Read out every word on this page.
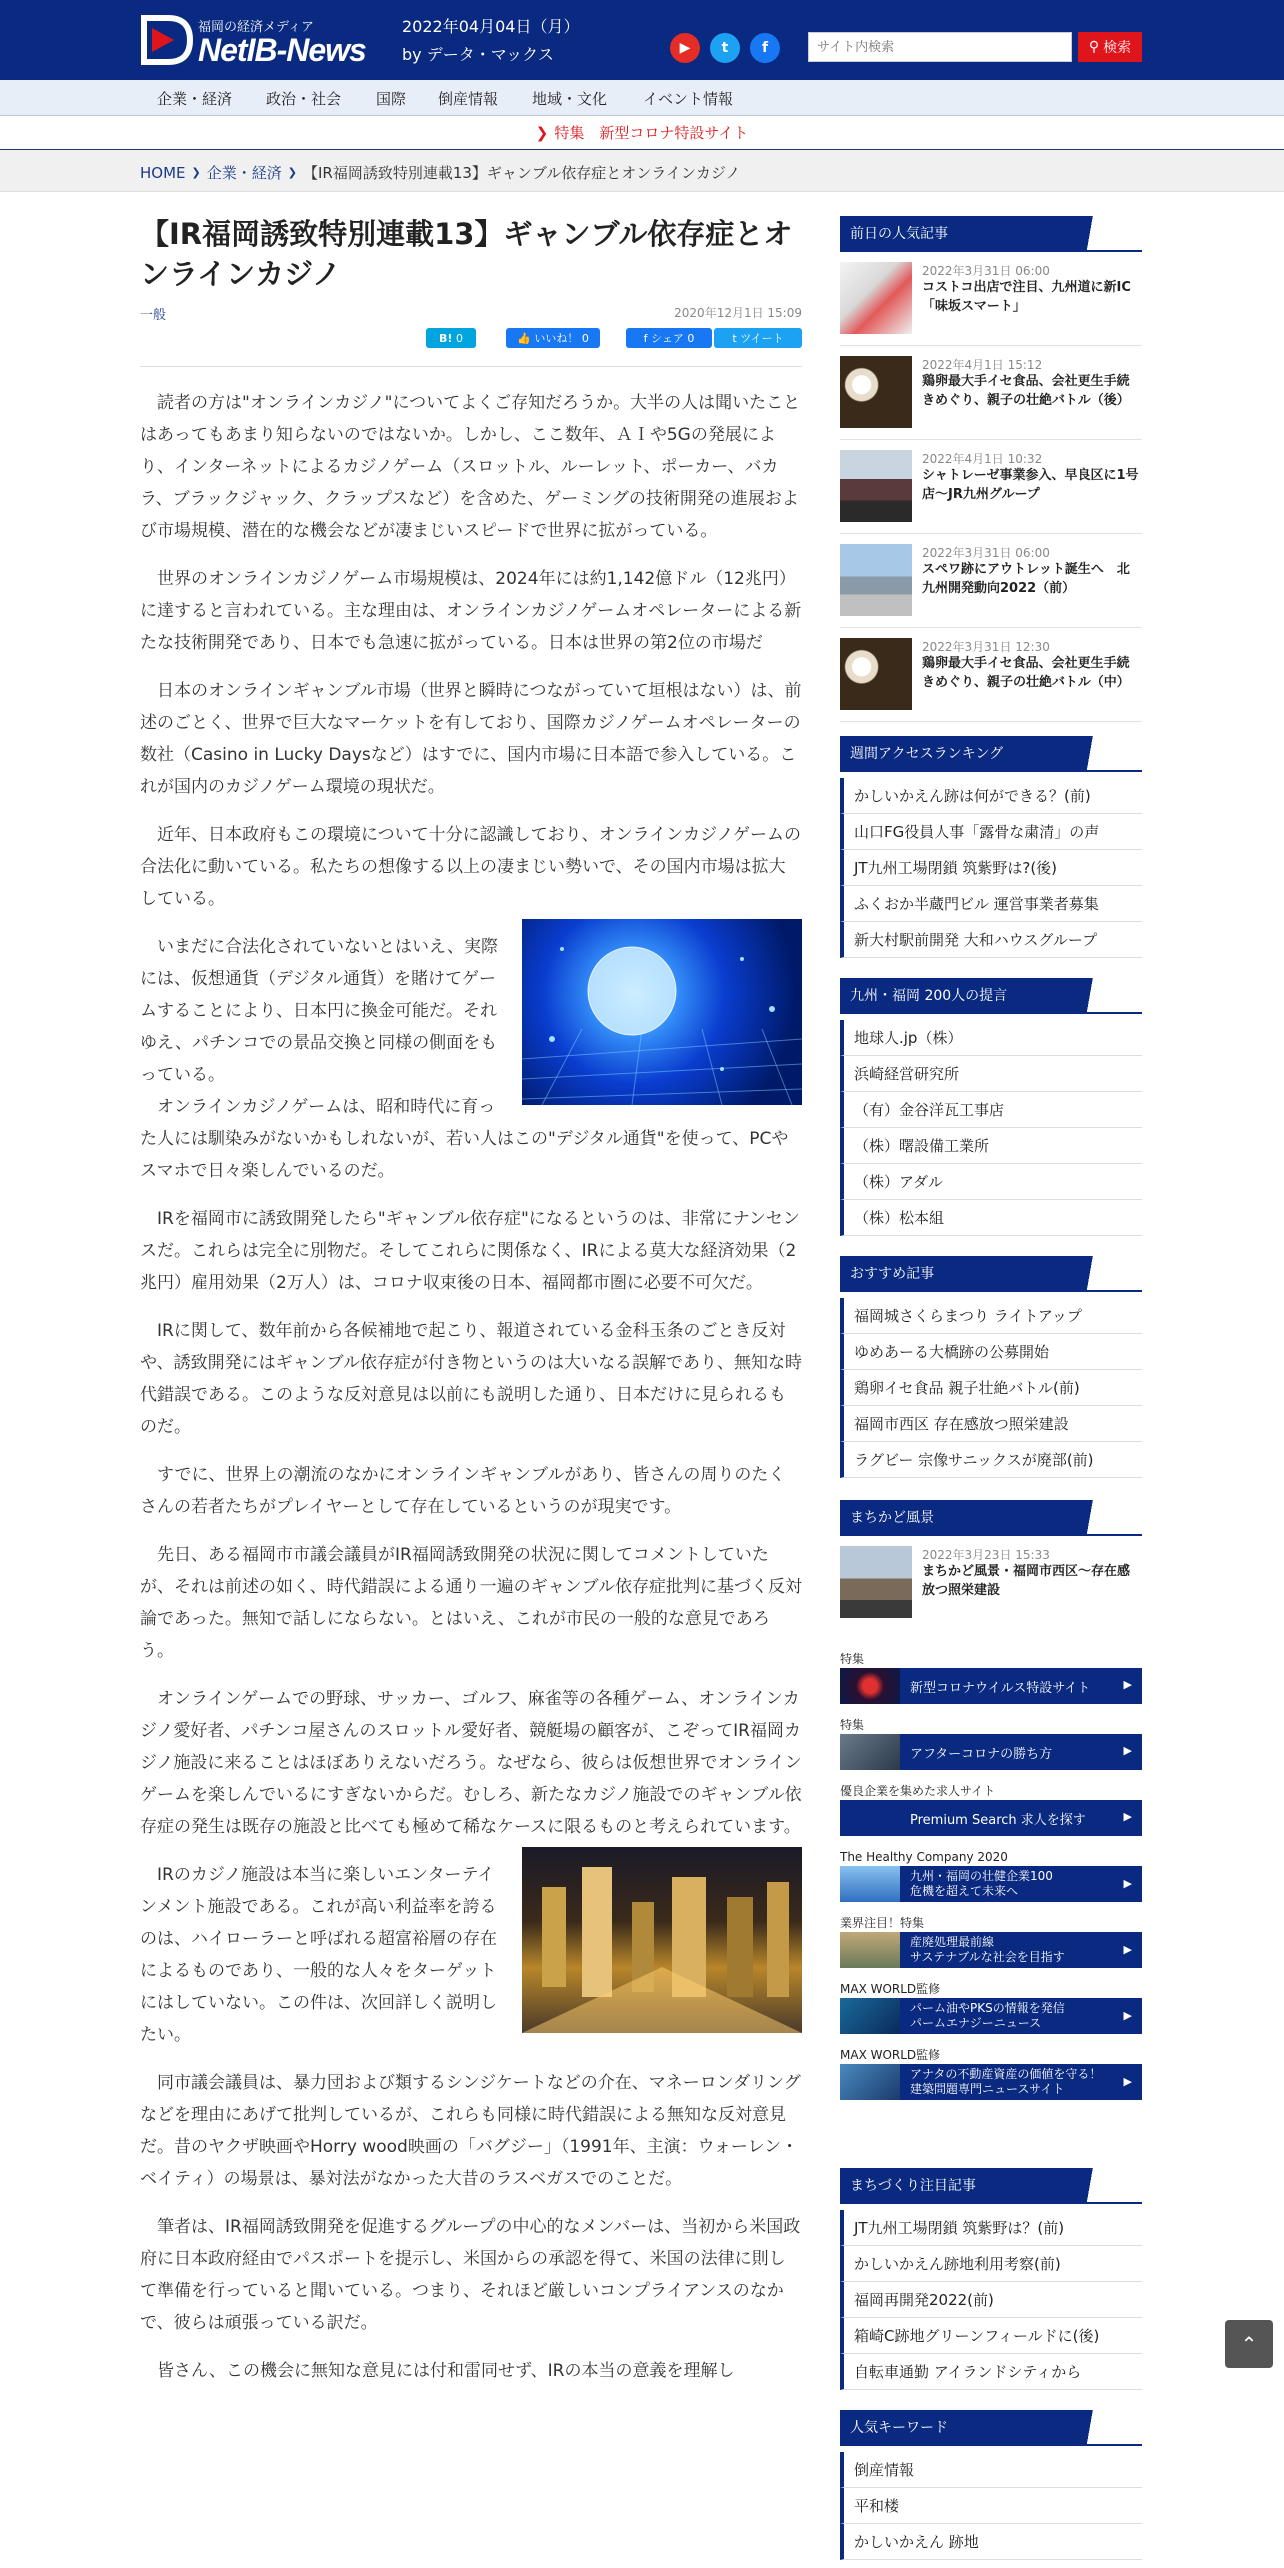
福岡の経済メディア
NetIB-News
2022年04月04日（月）
by データ・マックス	▶	t	f
サイト内検索	⚲ 検索
企業・経済 政治・社会 国際 倒産情報 地域・文化 イベント情報
❯ 特集　新型コロナ特設サイト
HOME ❯ 企業・経済 ❯ 【IR福岡誘致特別連載13】ギャンブル依存症とオンラインカジノ
【IR福岡誘致特別連載13】ギャンブル依存症とオンラインカジノ
一般	2020年12月1日 15:09
B!
0	👍
いいね！ 0	f
シェア 0	t
ツイート

読者の方は"オンラインカジノ"についてよくご存知だろうか。大半の人は聞いたことはあってもあまり知らないのではないか。しかし、ここ数年、ＡＩや5Gの発展により、インターネットによるカジノゲーム（スロットル、ルーレット、ポーカー、バカラ、ブラックジャック、クラップスなど）を含めた、ゲーミングの技術開発の進展および市場規模、潜在的な機会などが凄まじいスピードで世界に拡がっている。

世界のオンラインカジノゲーム市場規模は、2024年には約1,142億ドル（12兆円）に達すると言われている。主な理由は、オンラインカジノゲームオペレーターによる新たな技術開発であり、日本でも急速に拡がっている。日本は世界の第2位の市場だ

日本のオンラインギャンブル市場（世界と瞬時につながっていて垣根はない）は、前述のごとく、世界で巨大なマーケットを有しており、国際カジノゲームオペレーターの数社（Casino in Lucky Daysなど）はすでに、国内市場に日本語で参入している。これが国内のカジノゲーム環境の現状だ。

近年、日本政府もこの環境について十分に認識しており、オンラインカジノゲームの合法化に動いている。私たちの想像する以上の凄まじい勢いで、その国内市場は拡大している。

いまだに合法化されていないとはいえ、実際には、仮想通貨（デジタル通貨）を賭けてゲームすることにより、日本円に換金可能だ。それゆえ、パチンコでの景品交換と同様の側面をもっている。

オンラインカジノゲームは、昭和時代に育った人には馴染みがないかもしれないが、若い人はこの"デジタル通貨"を使って、PCやスマホで日々楽しんでいるのだ。

IRを福岡市に誘致開発したら"ギャンブル依存症"になるというのは、非常にナンセンスだ。これらは完全に別物だ。そしてこれらに関係なく、IRによる莫大な経済効果（2兆円）雇用効果（2万人）は、コロナ収束後の日本、福岡都市圏に必要不可欠だ。

IRに関して、数年前から各候補地で起こり、報道されている金科玉条のごとき反対や、誘致開発にはギャンブル依存症が付き物というのは大いなる誤解であり、無知な時代錯誤である。このような反対意見は以前にも説明した通り、日本だけに見られるものだ。

すでに、世界上の潮流のなかにオンラインギャンブルがあり、皆さんの周りのたくさんの若者たちがプレイヤーとして存在しているというのが現実です。

先日、ある福岡市市議会議員がIR福岡誘致開発の状況に関してコメントしていたが、それは前述の如く、時代錯誤による通り一遍のギャンブル依存症批判に基づく反対論であった。無知で話しにならない。とはいえ、これが市民の一般的な意見であろう。

オンラインゲームでの野球、サッカー、ゴルフ、麻雀等の各種ゲーム、オンラインカジノ愛好者、パチンコ屋さんのスロットル愛好者、競艇場の顧客が、こぞってIR福岡カジノ施設に来ることはほぼありえないだろう。なぜなら、彼らは仮想世界でオンラインゲームを楽しんでいるにすぎないからだ。むしろ、新たなカジノ施設でのギャンブル依存症の発生は既存の施設と比べても極めて稀なケースに限るものと考えられています。

IRのカジノ施設は本当に楽しいエンターテインメント施設である。これが高い利益率を誇るのは、ハイローラーと呼ばれる超富裕層の存在によるものであり、一般的な人々をターゲットにはしていない。この件は、次回詳しく説明したい。

同市議会議員は、暴力団および類するシンジケートなどの介在、マネーロンダリングなどを理由にあげて批判しているが、これらも同様に時代錯誤による無知な反対意見だ。昔のヤクザ映画やHorry wood映画の「バグジー」（1991年、主演：ウォーレン・ベイティ）の場景は、暴対法がなかった大昔のラスベガスでのことだ。

筆者は、IR福岡誘致開発を促進するグループの中心的なメンバーは、当初から米国政府に日本政府経由でパスポートを提示し、米国からの承認を得て、米国の法律に則して準備を行っていると聞いている。つまり、それほど厳しいコンプライアンスのなかで、彼らは頑張っている訳だ。

皆さん、この機会に無知な意見には付和雷同せず、IRの本当の意義を理解し

前日の人気記事
2022年3月31日 06:00
コストコ出店で注目、九州道に新IC「味坂スマート」
2022年4月1日 15:12
鶏卵最大手イセ食品、会社更生手続きめぐり、親子の壮絶バトル（後）
2022年4月1日 10:32
シャトレーゼ事業参入、早良区に1号店～JR九州グループ
2022年3月31日 06:00
スペワ跡にアウトレット誕生へ　北九州開発動向2022（前）
2022年3月31日 12:30
鶏卵最大手イセ食品、会社更生手続きめぐり、親子の壮絶バトル（中）
週間アクセスランキング
かしいかえん跡は何ができる？(前)
山口FG役員人事「露骨な粛清」の声
JT九州工場閉鎖 筑紫野は?(後)
ふくおか半蔵門ビル 運営事業者募集
新大村駅前開発 大和ハウスグループ
九州・福岡 200人の提言
地球人.jp（株）
浜崎経営研究所
（有）金谷洋瓦工事店
（株）曙設備工業所
（株）アダル
（株）松本組
おすすめ記事
福岡城さくらまつり ライトアップ
ゆめあーる大橋跡の公募開始
鶏卵イセ食品 親子壮絶バトル(前)
福岡市西区 存在感放つ照栄建設
ラグビー 宗像サニックスが廃部(前)
まちかど風景
2022年3月23日 15:33
まちかど風景・福岡市西区～存在感放つ照栄建設
特集
新型コロナウイルス特設サイト	▶
特集
アフターコロナの勝ち方	▶
優良企業を集めた求人サイト
Premium Search 求人を探す	▶
The Healthy Company 2020
九州・福岡の壮健企業100
危機を超えて未来へ
▶
業界注目！特集
産廃処理最前線
サステナブルな社会を目指す
▶
MAX WORLD監修
パーム油やPKSの情報を発信
パームエナジーニュース
▶
MAX WORLD監修
アナタの不動産資産の価値を守る！
建築問題専門ニュースサイト
▶
まちづくり注目記事
JT九州工場閉鎖 筑紫野は？(前)
かしいかえん跡地利用考察(前)
福岡再開発2022(前)
箱崎C跡地グリーンフィールドに(後)
自転車通勤 アイランドシティから
人気キーワード
倒産情報
平和楼
かしいかえん 跡地
⌃
